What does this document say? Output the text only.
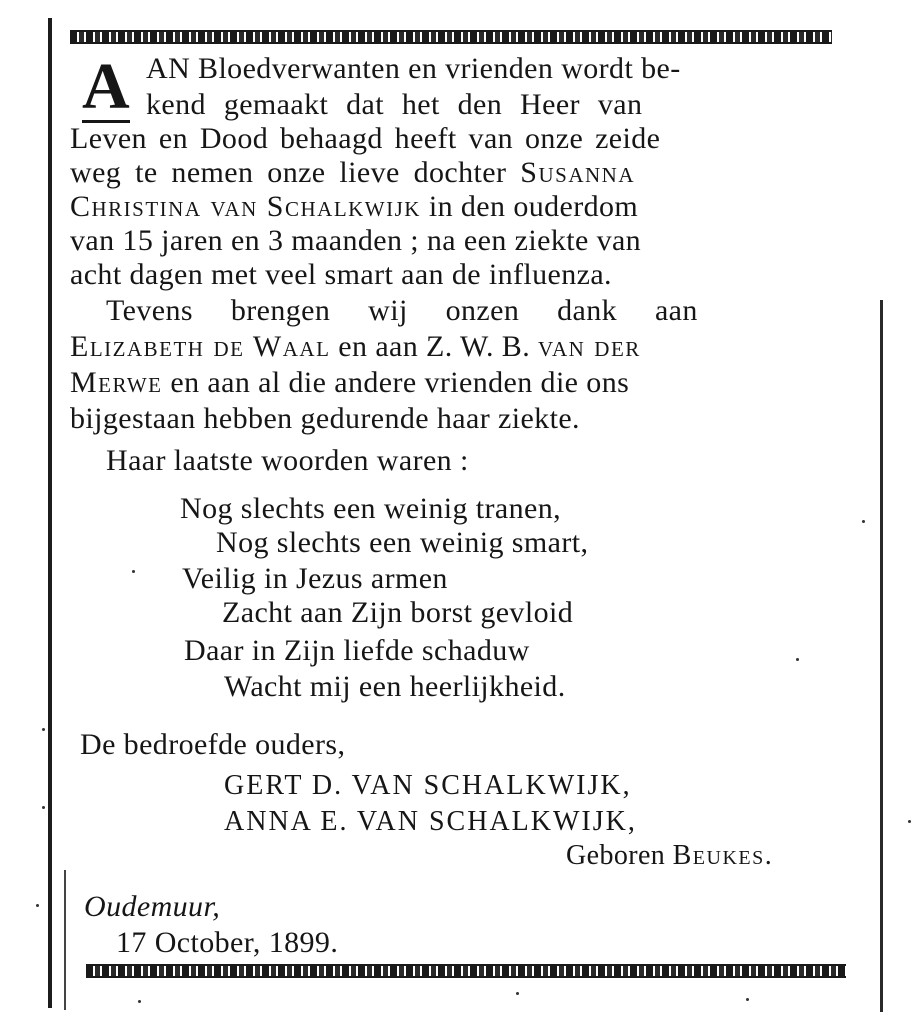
A AN Bloedverwanten en vrienden wordt be-
kend gemaakt dat het den Heer van
Leven en Dood behaagd heeft van onze zeide
weg te nemen onze lieve dochter Susanna
Christina van Schalkwijk in den ouderdom
van 15 jaren en 3 maanden ; na een ziekte van
acht dagen met veel smart aan de influenza.
Tevens brengen wij onzen dank aan
Elizabeth de Waal en aan Z. W. B. van der
Merwe en aan al die andere vrienden die ons
bijgestaan hebben gedurende haar ziekte.
Haar laatste woorden waren :
Nog slechts een weinig tranen,
Nog slechts een weinig smart,
Veilig in Jezus armen
Zacht aan Zijn borst gevloid
Daar in Zijn liefde schaduw
Wacht mij een heerlijkheid.
De bedroefde ouders,
GERT D. VAN SCHALKWIJK,
ANNA E. VAN SCHALKWIJK,
Geboren Beukes.
Oudemuur,
17 October, 1899.
